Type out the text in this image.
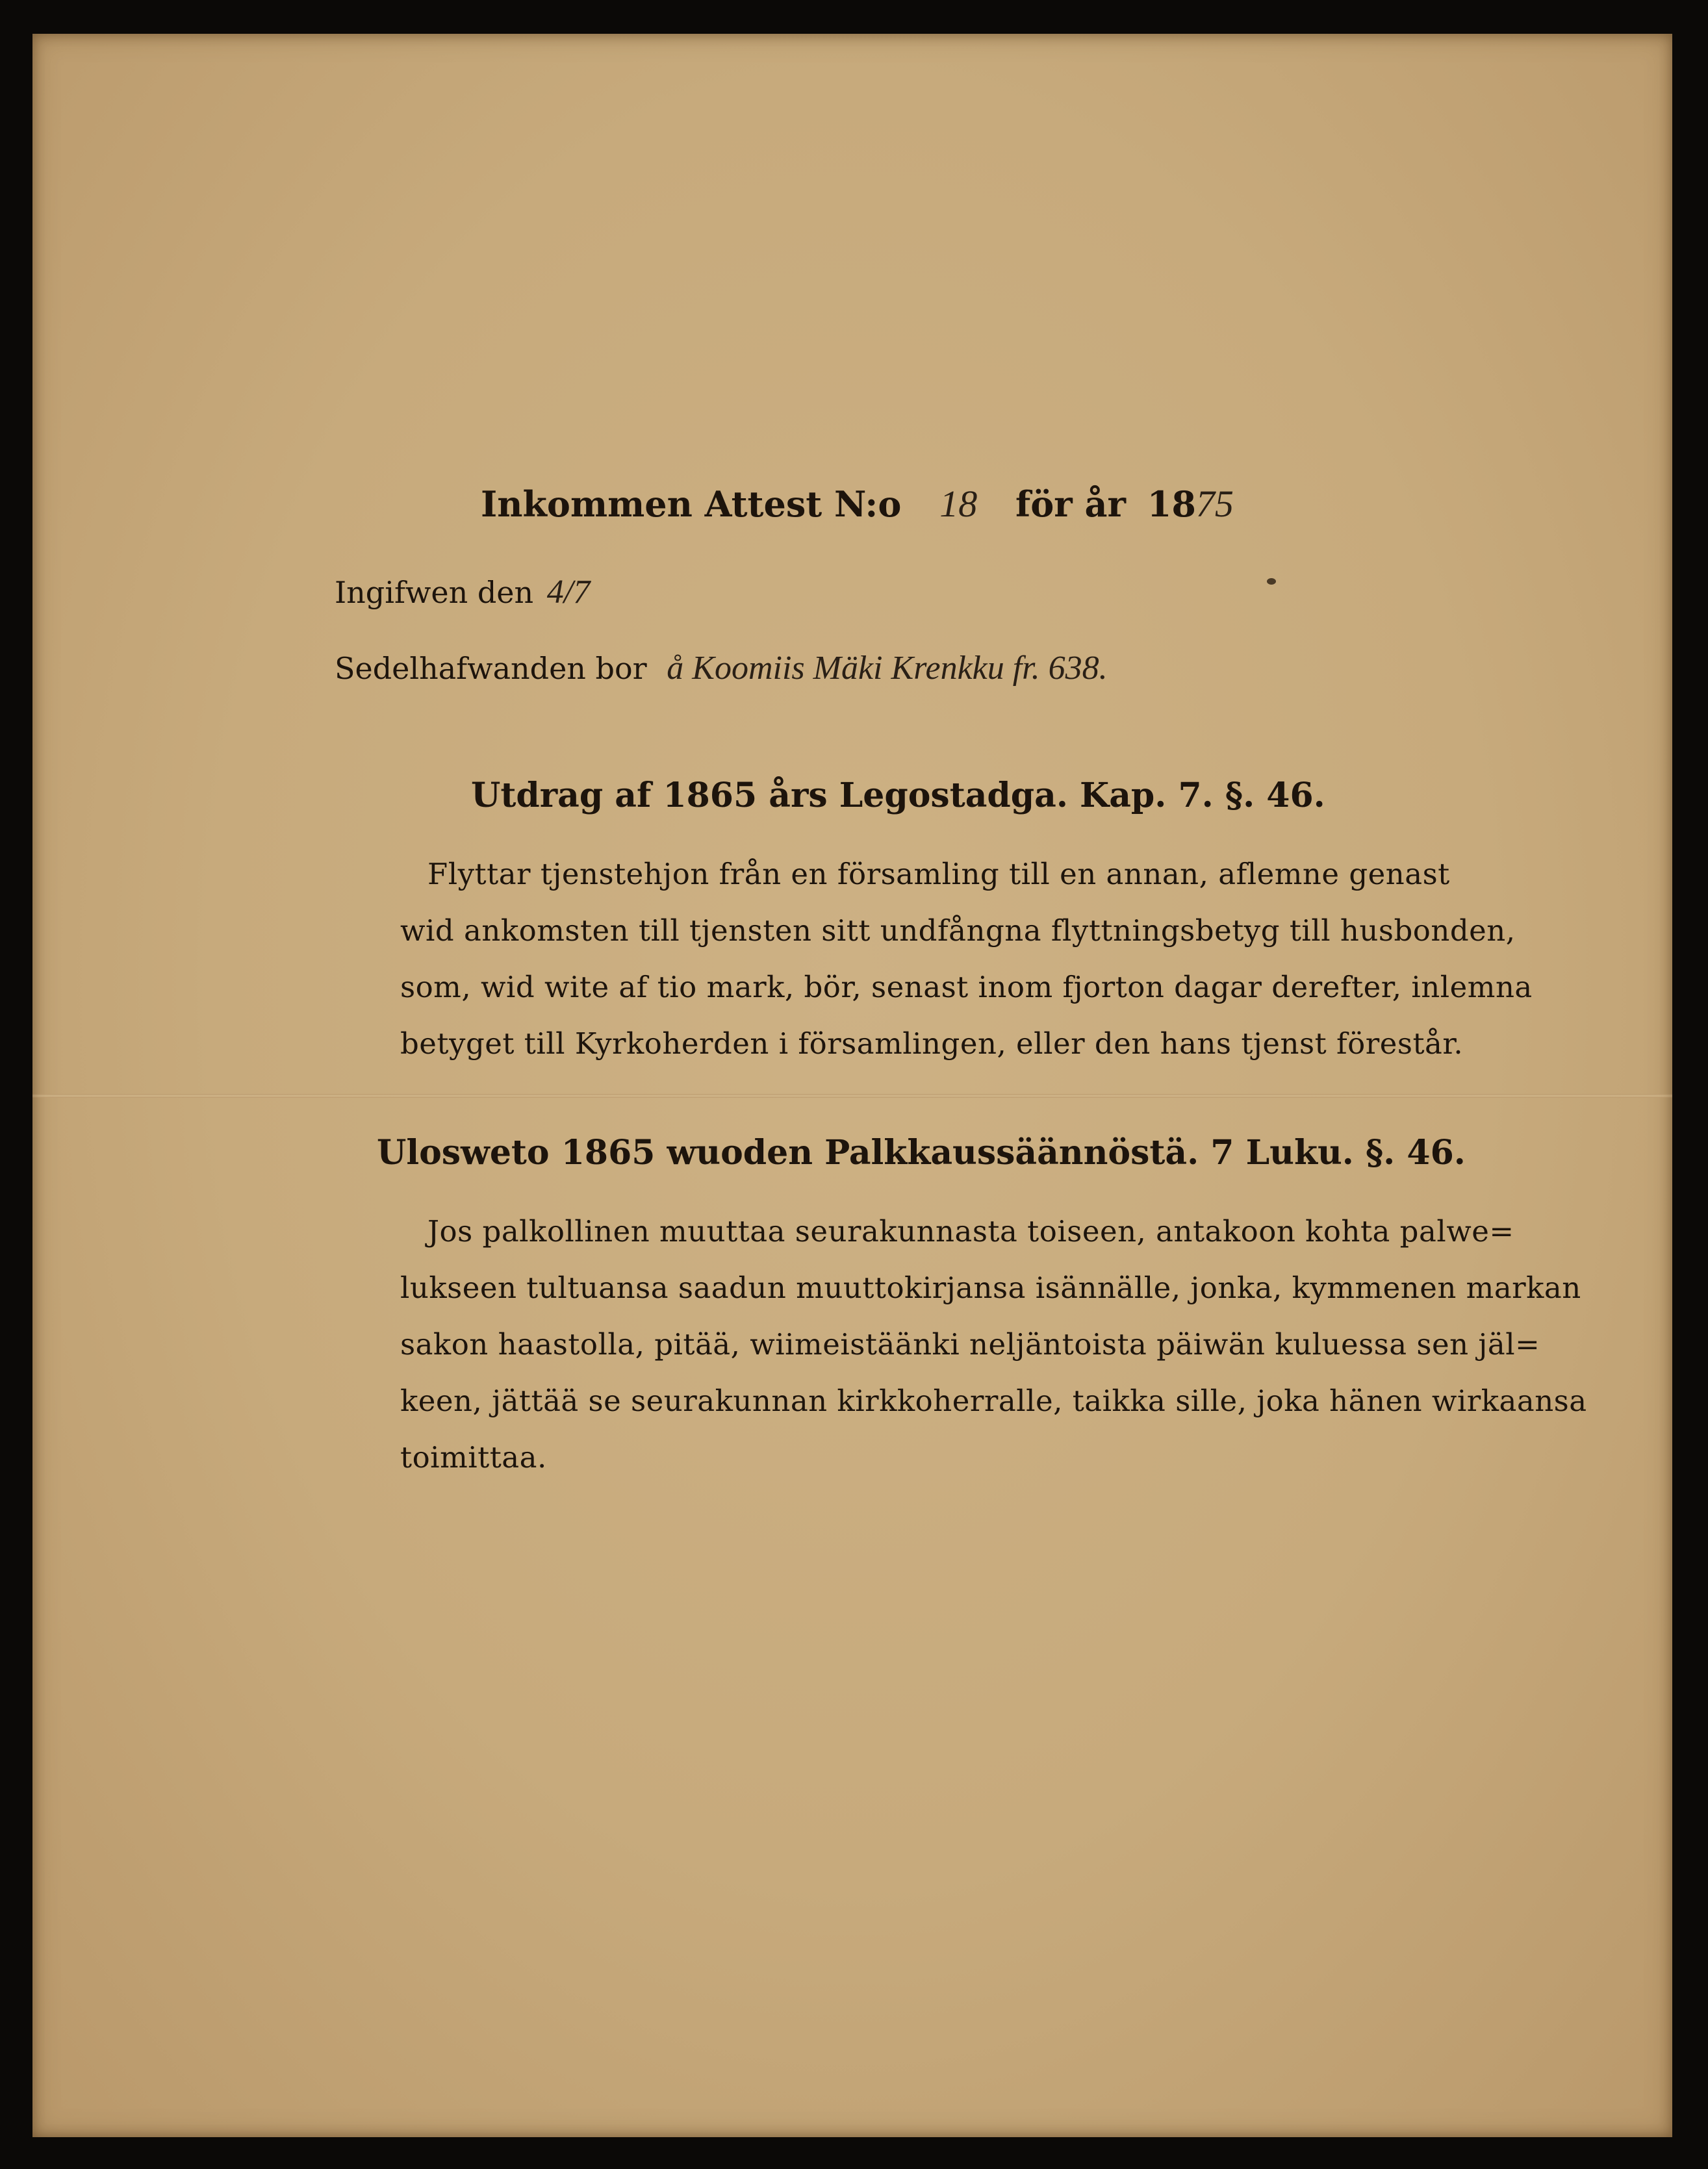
Inkommen Attest N:o 18 för år 1875
Ingifwen den 4/7
Sedelhafwanden bor å Koomiis Mäki Krenkku fr. 638.
Utdrag af 1865 års Legostadga. Kap. 7. §. 46.
Flyttar tjenstehjon från en församling till en annan, aflemne genast
wid ankomsten till tjensten sitt undfångna flyttningsbetyg till husbonden,
som, wid wite af tio mark, bör, senast inom fjorton dagar derefter, inlemna
betyget till Kyrkoherden i församlingen, eller den hans tjenst förestår.
Ulosweto 1865 wuoden Palkkaussäännöstä. 7 Luku. §. 46.
Jos palkollinen muuttaa seurakunnasta toiseen, antakoon kohta palwe=
lukseen tultuansa saadun muuttokirjansa isännälle, jonka, kymmenen markan
sakon haastolla, pitää, wiimeistäänki neljäntoista päiwän kuluessa sen jäl=
keen, jättää se seurakunnan kirkkoherralle, taikka sille, joka hänen wirkaansa
toimittaa.
